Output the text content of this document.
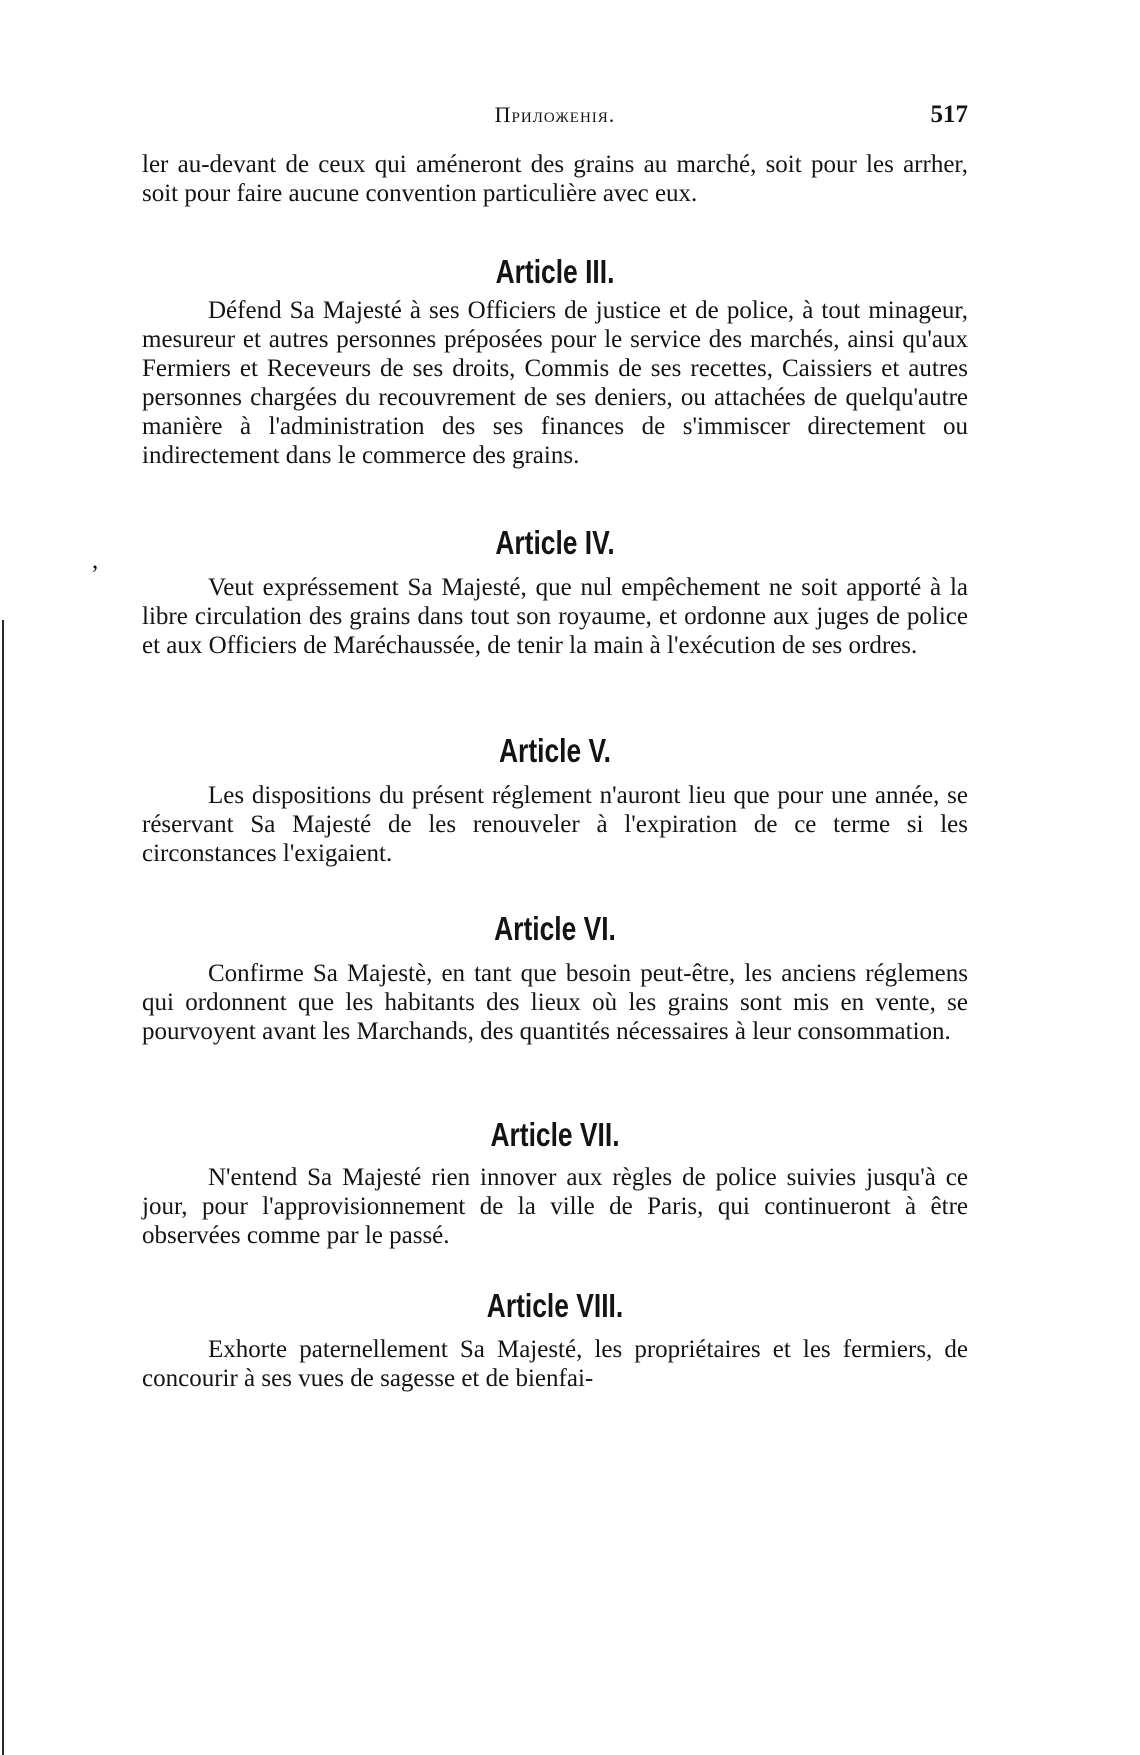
,
Приложенія.	517

ler au-devant de ceux qui améneront des grains au marché, soit pour les arrher, soit pour faire aucune convention particulière avec eux.

Article III.

Défend Sa Majesté à ses Officiers de justice et de police, à tout minageur, mesureur et autres personnes préposées pour le service des marchés, ainsi qu'aux Fermiers et Receveurs de ses droits, Commis de ses recettes, Caissiers et autres personnes chargées du recouvrement de ses deniers, ou attachées de quelqu'autre manière à l'administration des ses finances de s'immiscer directement ou indirectement dans le commerce des grains.

Article IV.

Veut expréssement Sa Majesté, que nul empêchement ne soit apporté à la libre circulation des grains dans tout son royaume, et ordonne aux juges de police et aux Officiers de Maréchaussée, de tenir la main à l'exécution de ses ordres.

Article V.

Les dispositions du présent réglement n'auront lieu que pour une année, se réservant Sa Majesté de les renouveler à l'expiration de ce terme si les circonstances l'exigaient.

Article VI.

Confirme Sa Majestè, en tant que besoin peut-être, les anciens réglemens qui ordonnent que les habitants des lieux où les grains sont mis en vente, se pourvoyent avant les Marchands, des quantités nécessaires à leur consommation.

Article VII.

N'entend Sa Majesté rien innover aux règles de police suivies jusqu'à ce jour, pour l'approvisionnement de la ville de Paris, qui continueront à être observées comme par le passé.

Article VIII.

Exhorte paternellement Sa Majesté, les propriétaires et les fermiers, de concourir à ses vues de sagesse et de bienfai-
